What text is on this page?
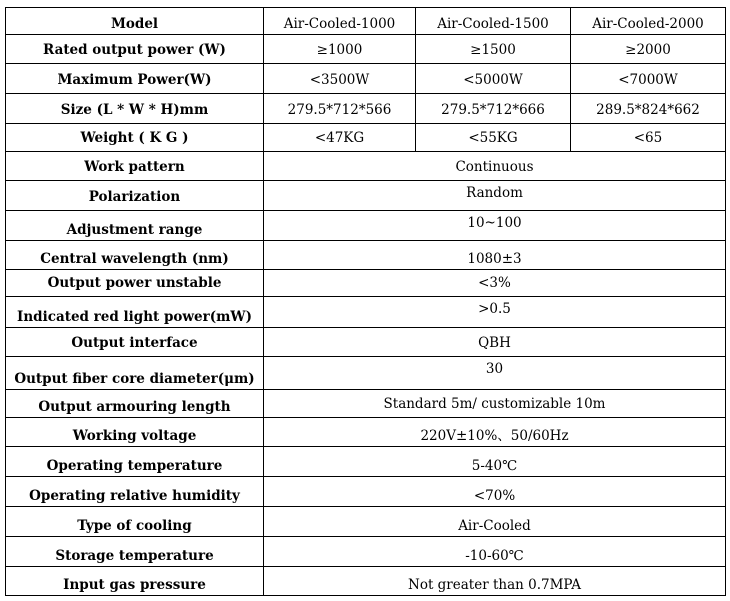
Model	Air-Cooled-1000	Air-Cooled-1500	Air-Cooled-2000
Rated output power (W)	≥1000	≥1500	≥2000
Maximum Power(W)	<3500W	<5000W	<7000W
Size (L * W * H)mm	279.5*712*566	279.5*712*666	289.5*824*662
Weight ( K G )	<47KG	<55KG	<65
Work pattern	Continuous		
Polarization	Random		
Adjustment range	10~100		
Central wavelength (nm)	1080±3		
Output power unstable	<3%		
Indicated red light power(mW)	>0.5		
Output interface	QBH		
Output fiber core diameter(μm)	30		
Output armouring length	Standard 5m/ customizable 10m		
Working voltage	220V±10%、50/60Hz		
Operating temperature	5-40℃		
Operating relative humidity	<70%		
Type of cooling	Air-Cooled		
Storage temperature	-10-60℃		
Input gas pressure	Not greater than 0.7MPA		
